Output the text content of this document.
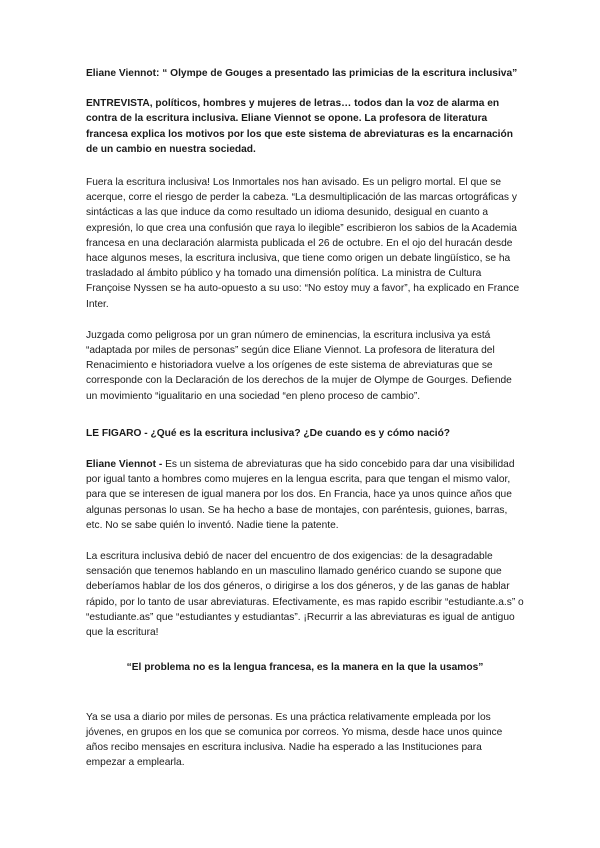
Eliane Viennot: “ Olympe de Gouges a presentado las primicias de la escritura inclusiva”

ENTREVISTA, políticos, hombres y mujeres de letras… todos dan la voz de alarma en contra de la escritura inclusiva. Eliane Viennot se opone. La profesora de literatura francesa explica los motivos por los que este sistema de abreviaturas es la encarnación de un cambio en nuestra sociedad.

Fuera la escritura inclusiva! Los Inmortales nos han avisado. Es un peligro mortal. El que se acerque, corre el riesgo de perder la cabeza. “La desmultiplicación de las marcas ortográficas y sintácticas a las que induce da como resultado un idioma desunido, desigual en cuanto a expresión, lo que crea una confusión que raya lo ilegible” escribieron los sabios de la Academia francesa en una declaración alarmista publicada el 26 de octubre. En el ojo del huracán desde hace algunos meses, la escritura inclusiva, que tiene como origen un debate lingüístico, se ha trasladado al ámbito público y ha tomado una dimensión política. La ministra de Cultura Françoise Nyssen se ha auto-opuesto a su uso: “No estoy muy a favor”, ha explicado en France Inter.

Juzgada como peligrosa por un gran número de eminencias, la escritura inclusiva ya está “adaptada por miles de personas” según dice Eliane Viennot. La profesora de literatura del Renacimiento e historiadora vuelve a los orígenes de este sistema de abreviaturas que se corresponde con la Declaración de los derechos de la mujer de Olympe de Gourges. Defiende un movimiento “igualitario en una sociedad “en pleno proceso de cambio”.

LE FIGARO - ¿Qué es la escritura inclusiva? ¿De cuando es y cómo nació?

Eliane Viennot - Es un sistema de abreviaturas que ha sido concebido para dar una visibilidad por igual tanto a hombres como mujeres en la lengua escrita, para que tengan el mismo valor, para que se interesen de igual manera por los dos. En Francia, hace ya unos quince años que algunas personas lo usan. Se ha hecho a base de montajes, con paréntesis, guiones, barras, etc. No se sabe quién lo inventó. Nadie tiene la patente.

La escritura inclusiva debió de nacer del encuentro de dos exigencias: de la desagradable sensación que tenemos hablando en un masculino llamado genérico cuando se supone que deberíamos hablar de los dos géneros, o dirigirse a los dos géneros, y de las ganas de hablar rápido, por lo tanto de usar abreviaturas. Efectivamente, es mas rapido escribir “estudiante.a.s” o “estudiante.as” que “estudiantes y estudiantas”. ¡Recurrir a las abreviaturas es igual de antiguo que la escritura!

“El problema no es la lengua francesa, es la manera en la que la usamos”

Ya se usa a diario por miles de personas. Es una práctica relativamente empleada por los jóvenes, en grupos en los que se comunica por correos. Yo misma, desde hace unos quince años recibo mensajes en escritura inclusiva. Nadie ha esperado a las Instituciones para empezar a emplearla.
